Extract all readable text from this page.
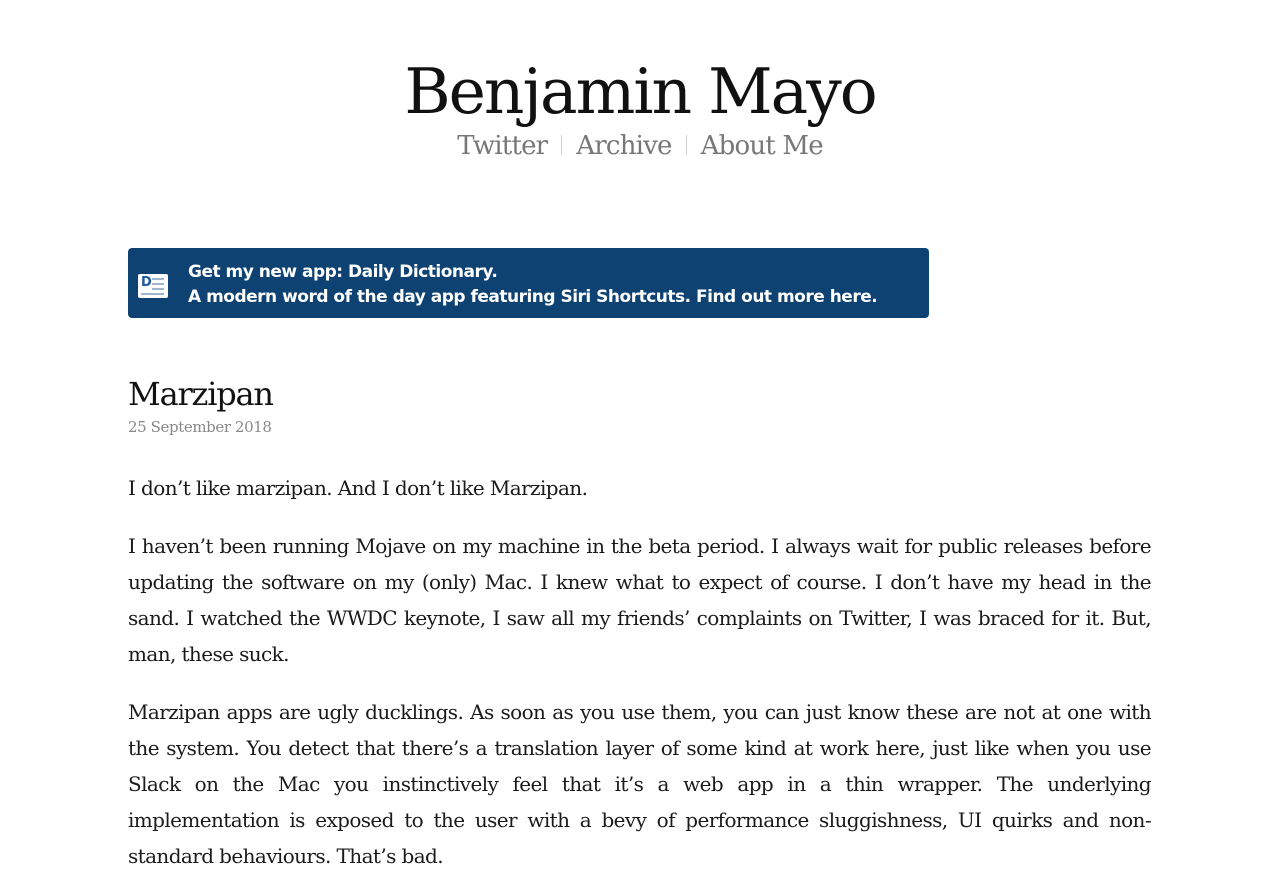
Benjamin Mayo
Twitter Archive About Me
D
Get my new app: Daily Dictionary.
A modern word of the day app featuring Siri Shortcuts. Find out more here.
Marzipan
25 September 2018

I don’t like marzipan. And I don’t like Marzipan.

I haven’t been running Mojave on my machine in the beta period. I always wait for public releases before updating the software on my (only) Mac. I knew what to expect of course. I don’t have my head in the sand. I watched the WWDC keynote, I saw all my friends’ complaints on Twitter, I was braced for it. But, man, these suck.

Marzipan apps are ugly ducklings. As soon as you use them, you can just know these are not at one with the system. You detect that there’s a translation layer of some kind at work here, just like when you use Slack on the Mac you instinctively feel that it’s a web app in a thin wrapper. The underlying implementation is exposed to the user with a bevy of performance sluggishness, UI quirks and non-standard behaviours. That’s bad.
